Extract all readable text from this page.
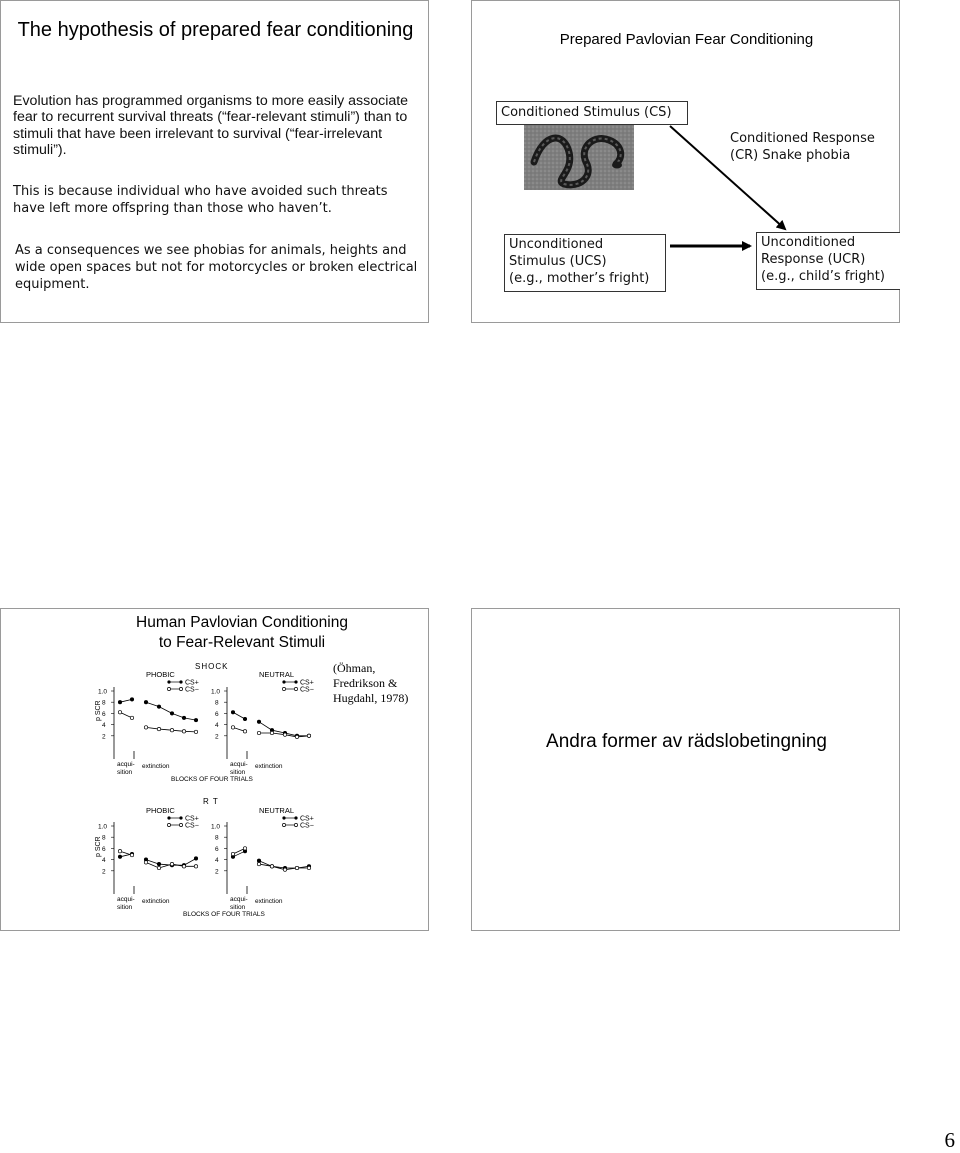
The hypothesis of prepared fear conditioning
Evolution has programmed organisms to more easily associate fear to recurrent survival threats (“fear-relevant stimuli”) than to stimuli that have been irrelevant to survival (“fear-irrelevant stimuli”).
This is because individual who have avoided such threats have left more offspring than those who haven’t.
As a consequences we see phobias for animals, heights and wide open spaces but not for motorcycles or broken electrical equipment.
Prepared Pavlovian Fear Conditioning
Conditioned Stimulus (CS)
Conditioned Response
(CR) Snake phobia
Unconditioned
Stimulus (UCS)
(e.g., mother’s fright)
Unconditioned
Response (UCR)
(e.g., child’s fright)
Human Pavlovian Conditioning
to Fear-Relevant Stimuli
(Öhman,
Fredrikson &
Hugdahl, 1978)
SHOCK
p SCR
BLOCKS OF FOUR TRIALS
R T
p SCR
BLOCKS OF FOUR TRIALS
1.0
8
6
4
2
PHOBIC
CS+
CS−
acqui-
sition
extinction
1.0
8
6
4
2
NEUTRAL
CS+
CS−
acqui-
sition
extinction
1.0
8
6
4
2
PHOBIC
CS+
CS−
acqui-
sition
extinction
1.0
8
6
4
2
NEUTRAL
CS+
CS−
acqui-
sition
extinction
Andra former av rädslobetingning
6
